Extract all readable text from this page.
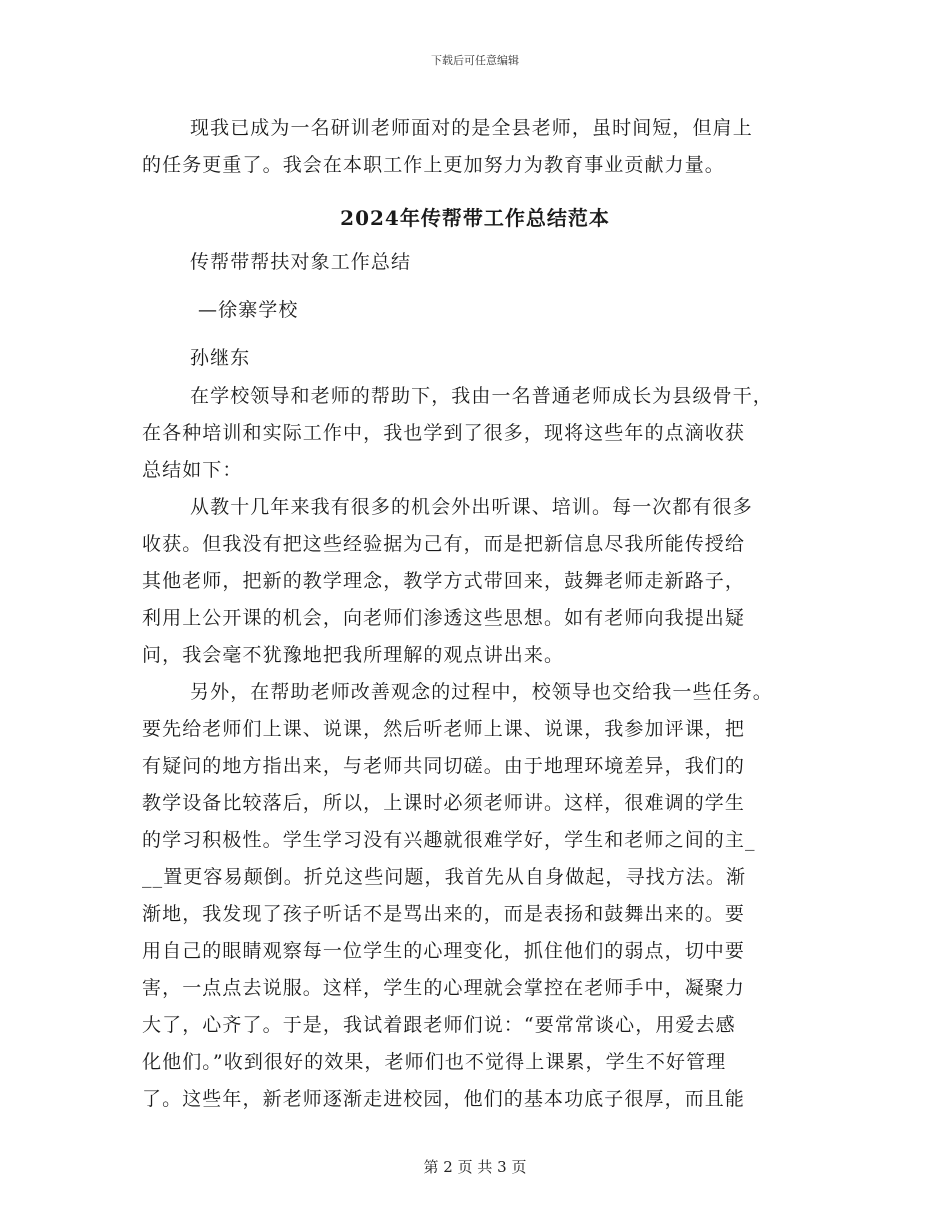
下载后可任意编辑
现我已成为一名研训老师面对的是全县老师，虽时间短，但肩上
的任务更重了。我会在本职工作上更加努力为教育事业贡献力量。
2024年传帮带工作总结范本
传帮带帮扶对象工作总结
—徐寨学校
孙继东
在学校领导和老师的帮助下，我由一名普通老师成长为县级骨干，
在各种培训和实际工作中，我也学到了很多，现将这些年的点滴收获
总结如下：
从教十几年来我有很多的机会外出听课、培训。每一次都有很多
收获。但我没有把这些经验据为己有，而是把新信息尽我所能传授给
其他老师，把新的教学理念，教学方式带回来，鼓舞老师走新路子，
利用上公开课的机会，向老师们渗透这些思想。如有老师向我提出疑
问，我会毫不犹豫地把我所理解的观点讲出来。
另外，在帮助老师改善观念的过程中，校领导也交给我一些任务。
要先给老师们上课、说课，然后听老师上课、说课，我参加评课，把
有疑问的地方指出来，与老师共同切磋。由于地理环境差异，我们的
教学设备比较落后，所以，上课时必须老师讲。这样，很难调的学生
的学习积极性。学生学习没有兴趣就很难学好，学生和老师之间的主_
__置更容易颠倒。折兑这些问题，我首先从自身做起，寻找方法。渐
渐地，我发现了孩子听话不是骂出来的，而是表扬和鼓舞出来的。要
用自己的眼睛观察每一位学生的心理变化，抓住他们的弱点，切中要
害，一点点去说服。这样，学生的心理就会掌控在老师手中，凝聚力
大了，心齐了。于是，我试着跟老师们说：“要常常谈心，用爱去感
化他们。”收到很好的效果，老师们也不觉得上课累，学生不好管理
了。这些年，新老师逐渐走进校园，他们的基本功底子很厚，而且能
第 2 页 共 3 页
